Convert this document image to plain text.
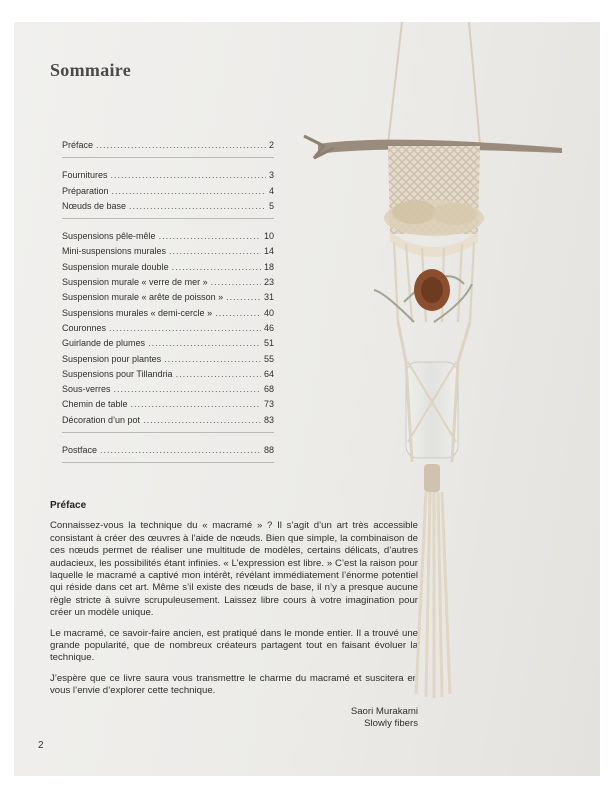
Sommaire
Préface .....	2
Fournitures .....	3
Préparation .....	4
Nœuds de base .....	5
Suspensions pêle-mêle .....	10
Mini-suspensions murales .....	14
Suspension murale double .....	18
Suspension murale « verre de mer » .....	23
Suspension murale « arête de poisson » .....	31
Suspensions murales « demi-cercle » .....	40
Couronnes .....	46
Guirlande de plumes .....	51
Suspension pour plantes .....	55
Suspensions pour Tillandria .....	64
Sous-verres .....	68
Chemin de table .....	73
Décoration d’un pot .....	83
Postface .....	88
Préface

Connaissez-vous la technique du « macramé » ? Il s’agit d’un art très accessible consistant à créer des œuvres à l’aide de nœuds. Bien que simple, la combinaison de ces nœuds permet de réaliser une multitude de modèles, certains délicats, d’autres audacieux, les possibilités étant infinies. « L’expression est libre. » C’est la raison pour laquelle le macramé a captivé mon intérêt, révélant immédiatement l’énorme potentiel qui réside dans cet art. Même s’il existe des nœuds de base, il n’y a presque aucune règle stricte à suivre scrupuleusement. Laissez libre cours à votre imagination pour créer un modèle unique.

Le macramé, ce savoir-faire ancien, est pratiqué dans le monde entier. Il a trouvé une grande popularité, que de nombreux créateurs partagent tout en faisant évoluer la technique.

J’espère que ce livre saura vous transmettre le charme du macramé et suscitera en vous l’envie d’explorer cette technique.

Saori Murakami
Slowly fibers
2
